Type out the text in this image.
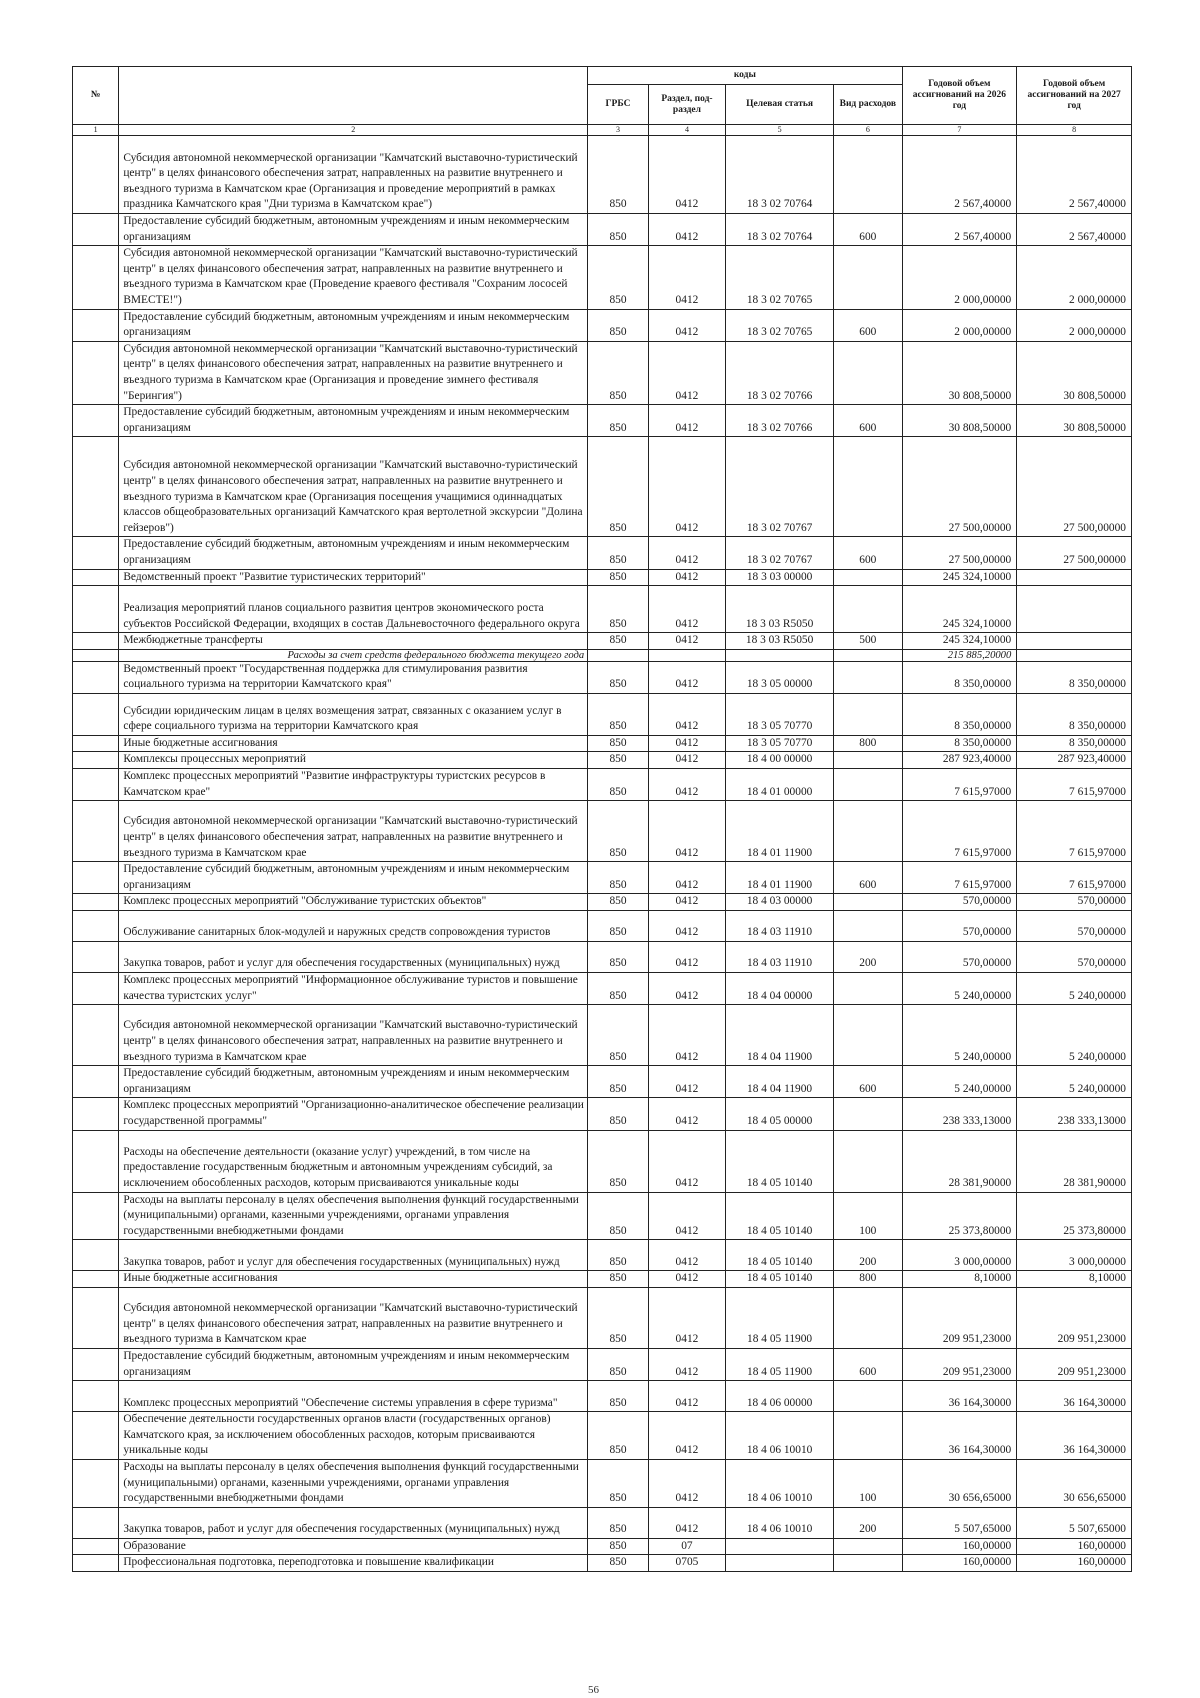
№		коды				Годовой объем ассигнований на 2026 год	Годовой объем ассигнований на 2027 год
		ГРБС	Раздел, под-раздел	Целевая статья	Вид расходов		
1	2	3	4	5	6	7	8
	Субсидия автономной некоммерческой организации "Камчатский выставочно-туристический центр" в целях финансового обеспечения затрат, направленных на развитие внутреннего и въездного туризма в Камчатском крае (Организация и проведение мероприятий в рамках праздника Камчатского края "Дни туризма в Камчатском крае")	850	0412	18 3 02 70764		2 567,40000	2 567,40000
	Предоставление субсидий бюджетным, автономным учреждениям и иным некоммерческим организациям	850	0412	18 3 02 70764	600	2 567,40000	2 567,40000
	Субсидия автономной некоммерческой организации "Камчатский выставочно-туристический центр" в целях финансового обеспечения затрат, направленных на развитие внутреннего и въездного туризма в Камчатском крае (Проведение краевого фестиваля "Сохраним лососей ВМЕСТЕ!")	850	0412	18 3 02 70765		2 000,00000	2 000,00000
	Предоставление субсидий бюджетным, автономным учреждениям и иным некоммерческим организациям	850	0412	18 3 02 70765	600	2 000,00000	2 000,00000
	Субсидия автономной некоммерческой организации "Камчатский выставочно-туристический центр" в целях финансового обеспечения затрат, направленных на развитие внутреннего и въездного туризма в Камчатском крае (Организация и проведение зимнего фестиваля "Берингия")	850	0412	18 3 02 70766		30 808,50000	30 808,50000
	Предоставление субсидий бюджетным, автономным учреждениям и иным некоммерческим организациям	850	0412	18 3 02 70766	600	30 808,50000	30 808,50000
	Субсидия автономной некоммерческой организации "Камчатский выставочно-туристический центр" в целях финансового обеспечения затрат, направленных на развитие внутреннего и въездного туризма в Камчатском крае (Организация посещения учащимися одиннадцатых классов общеобразовательных организаций Камчатского края вертолетной экскурсии "Долина гейзеров")	850	0412	18 3 02 70767		27 500,00000	27 500,00000
	Предоставление субсидий бюджетным, автономным учреждениям и иным некоммерческим организациям	850	0412	18 3 02 70767	600	27 500,00000	27 500,00000
	Ведомственный проект "Развитие туристических территорий"	850	0412	18 3 03 00000		245 324,10000	
	Реализация мероприятий планов социального развития центров экономического роста субъектов Российской Федерации, входящих в состав Дальневосточного федерального округа	850	0412	18 3 03 R5050		245 324,10000	
	Межбюджетные трансферты	850	0412	18 3 03 R5050	500	245 324,10000	
	Расходы за счет средств федерального бюджета текущего года					215 885,20000	
	Ведомственный проект "Государственная поддержка для стимулирования развития социального туризма на территории Камчатского края"	850	0412	18 3 05 00000		8 350,00000	8 350,00000
	Субсидии юридическим лицам в целях возмещения затрат, связанных с оказанием услуг в сфере социального туризма на территории Камчатского края	850	0412	18 3 05 70770		8 350,00000	8 350,00000
	Иные бюджетные ассигнования	850	0412	18 3 05 70770	800	8 350,00000	8 350,00000
	Комплексы процессных мероприятий	850	0412	18 4 00 00000		287 923,40000	287 923,40000
	Комплекс процессных мероприятий "Развитие инфраструктуры туристских ресурсов в Камчатском крае"	850	0412	18 4 01 00000		7 615,97000	7 615,97000
	Субсидия автономной некоммерческой организации "Камчатский выставочно-туристический центр" в целях финансового обеспечения затрат, направленных на развитие внутреннего и въездного туризма в Камчатском крае	850	0412	18 4 01 11900		7 615,97000	7 615,97000
	Предоставление субсидий бюджетным, автономным учреждениям и иным некоммерческим организациям	850	0412	18 4 01 11900	600	7 615,97000	7 615,97000
	Комплекс процессных мероприятий "Обслуживание туристских объектов"	850	0412	18 4 03 00000		570,00000	570,00000
	Обслуживание санитарных блок-модулей и наружных средств сопровождения туристов	850	0412	18 4 03 11910		570,00000	570,00000
	Закупка товаров, работ и услуг для обеспечения государственных (муниципальных) нужд	850	0412	18 4 03 11910	200	570,00000	570,00000
	Комплекс процессных мероприятий "Информационное обслуживание туристов и повышение качества туристских услуг"	850	0412	18 4 04 00000		5 240,00000	5 240,00000
	Субсидия автономной некоммерческой организации "Камчатский выставочно-туристический центр" в целях финансового обеспечения затрат, направленных на развитие внутреннего и въездного туризма в Камчатском крае	850	0412	18 4 04 11900		5 240,00000	5 240,00000
	Предоставление субсидий бюджетным, автономным учреждениям и иным некоммерческим организациям	850	0412	18 4 04 11900	600	5 240,00000	5 240,00000
	Комплекс процессных мероприятий "Организационно-аналитическое обеспечение реализации государственной программы"	850	0412	18 4 05 00000		238 333,13000	238 333,13000
	Расходы на обеспечение деятельности (оказание услуг) учреждений, в том числе на предоставление государственным бюджетным и автономным учреждениям субсидий, за исключением обособленных расходов, которым присваиваются уникальные коды	850	0412	18 4 05 10140		28 381,90000	28 381,90000
	Расходы на выплаты персоналу в целях обеспечения выполнения функций государственными (муниципальными) органами, казенными учреждениями, органами управления государственными внебюджетными фондами	850	0412	18 4 05 10140	100	25 373,80000	25 373,80000
	Закупка товаров, работ и услуг для обеспечения государственных (муниципальных) нужд	850	0412	18 4 05 10140	200	3 000,00000	3 000,00000
	Иные бюджетные ассигнования	850	0412	18 4 05 10140	800	8,10000	8,10000
	Субсидия автономной некоммерческой организации "Камчатский выставочно-туристический центр" в целях финансового обеспечения затрат, направленных на развитие внутреннего и въездного туризма в Камчатском крае	850	0412	18 4 05 11900		209 951,23000	209 951,23000
	Предоставление субсидий бюджетным, автономным учреждениям и иным некоммерческим организациям	850	0412	18 4 05 11900	600	209 951,23000	209 951,23000
	Комплекс процессных мероприятий "Обеспечение системы управления в сфере туризма"	850	0412	18 4 06 00000		36 164,30000	36 164,30000
	Обеспечение деятельности государственных органов власти (государственных органов) Камчатского края, за исключением обособленных расходов, которым присваиваются уникальные коды	850	0412	18 4 06 10010		36 164,30000	36 164,30000
	Расходы на выплаты персоналу в целях обеспечения выполнения функций государственными (муниципальными) органами, казенными учреждениями, органами управления государственными внебюджетными фондами	850	0412	18 4 06 10010	100	30 656,65000	30 656,65000
	Закупка товаров, работ и услуг для обеспечения государственных (муниципальных) нужд	850	0412	18 4 06 10010	200	5 507,65000	5 507,65000
	Образование	850	07			160,00000	160,00000
	Профессиональная подготовка, переподготовка и повышение квалификации	850	0705			160,00000	160,00000
56
